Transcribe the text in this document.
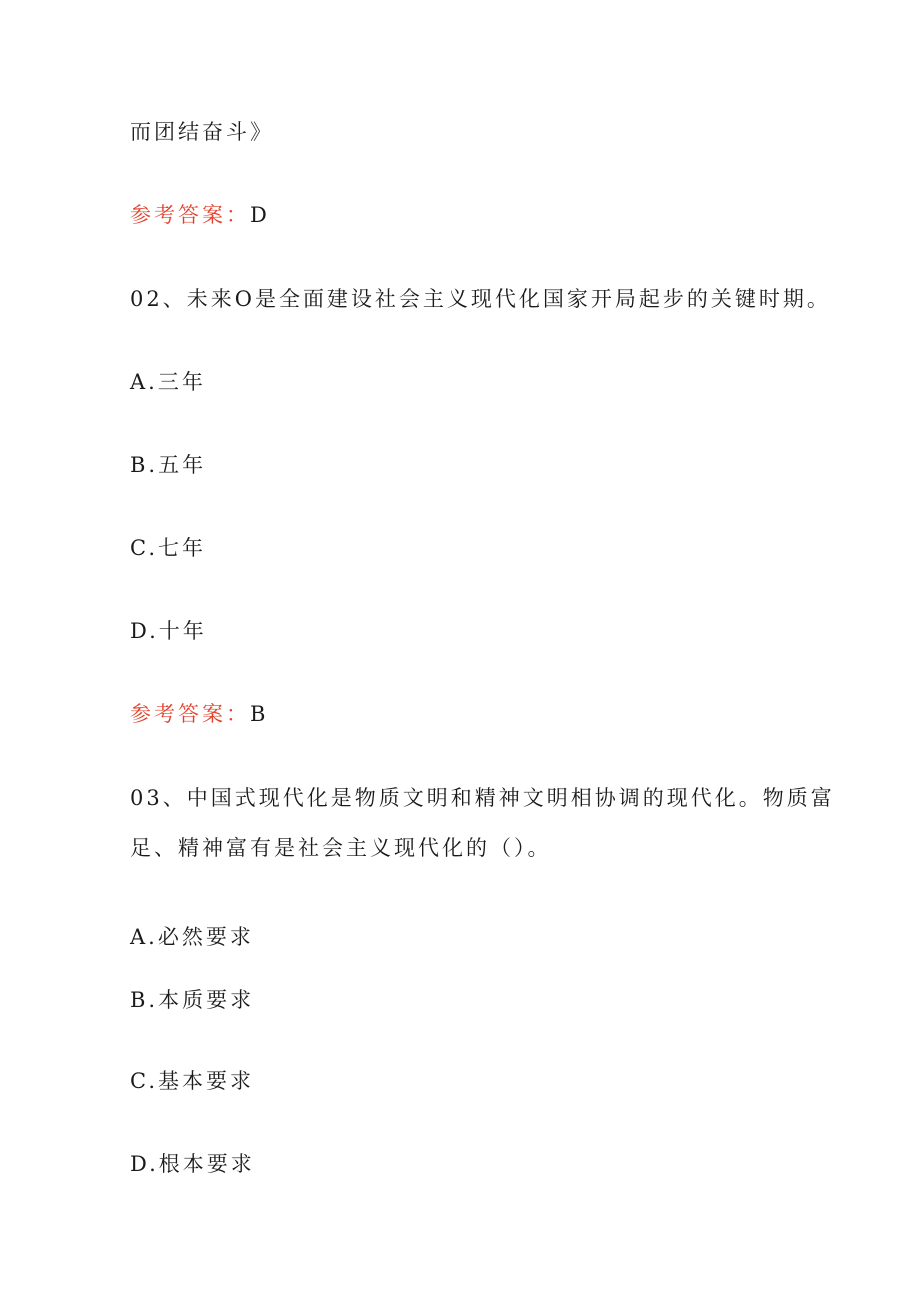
而团结奋斗》
参考答案：D
02、未来O是全面建设社会主义现代化国家开局起步的关键时期。
A.三年
B.五年
C.七年
D.十年
参考答案：B
03、中国式现代化是物质文明和精神文明相协调的现代化。物质富
足、精神富有是社会主义现代化的（）。
A.必然要求
B.本质要求
C.基本要求
D.根本要求
